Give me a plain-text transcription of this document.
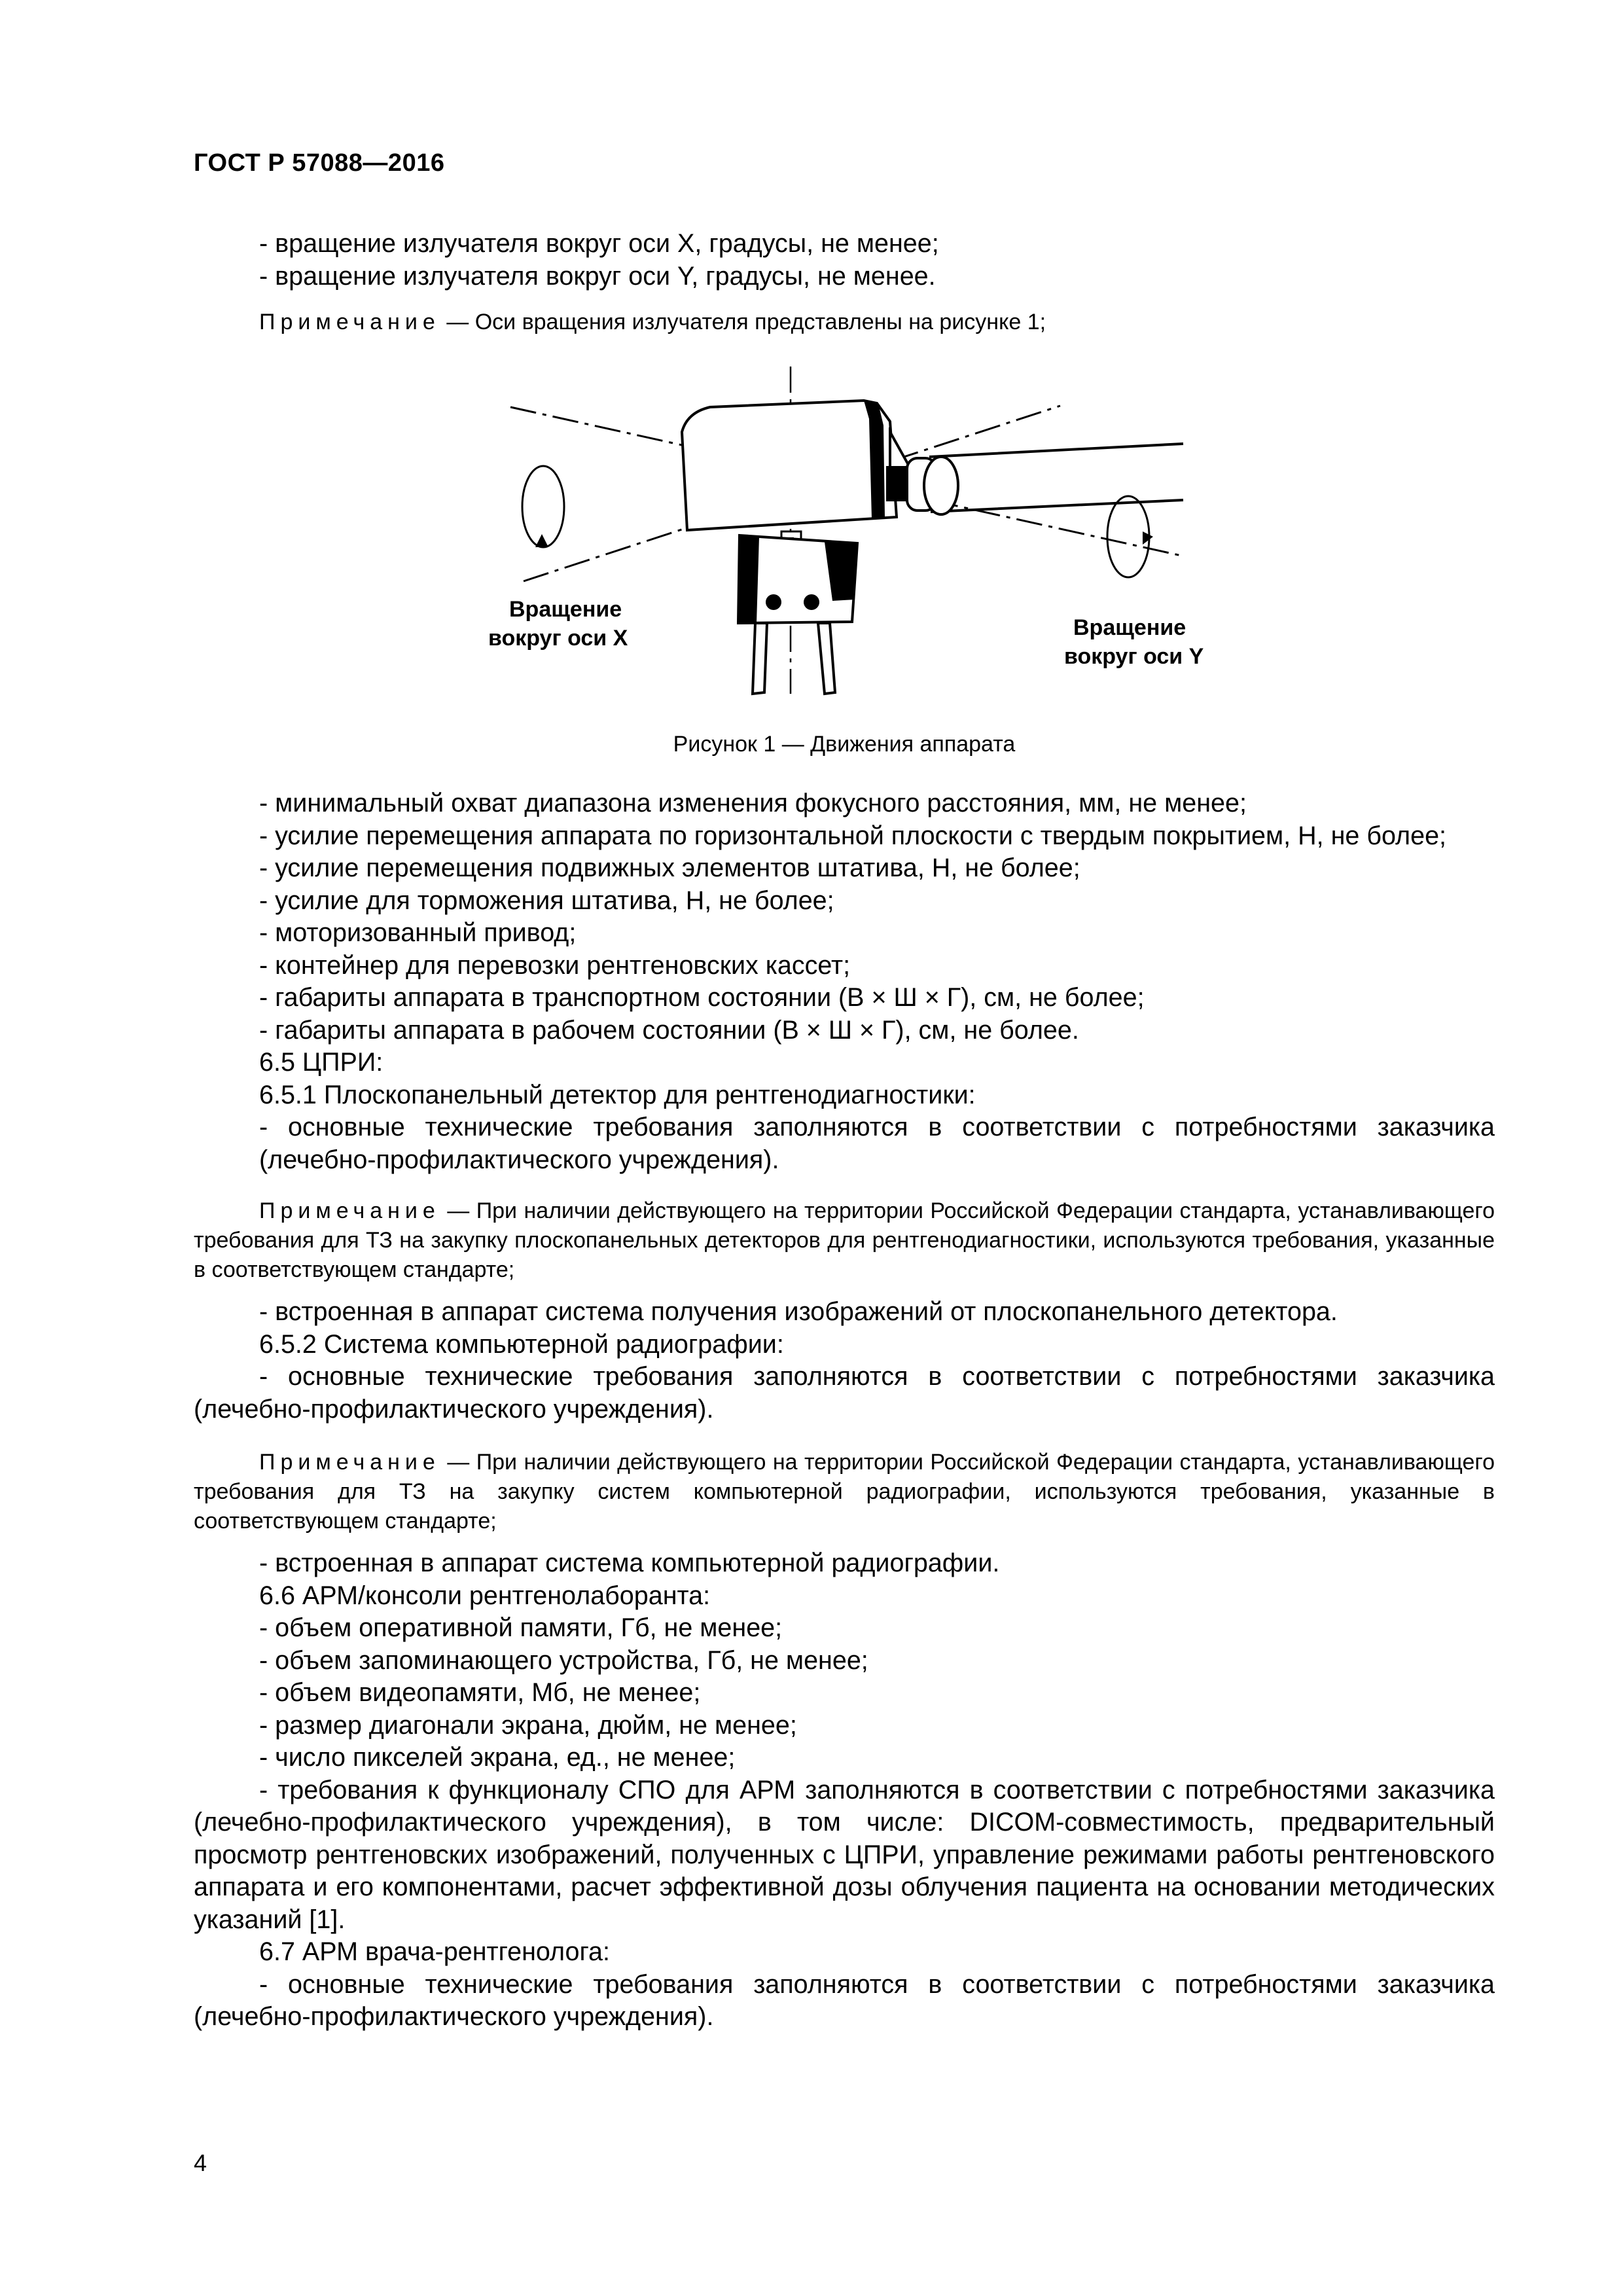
ГОСТ Р 57088—2016
- вращение излучателя вокруг оси X, градусы, не менее;
- вращение излучателя вокруг оси Y, градусы, не менее.
Примечание — Оси вращения излучателя представлены на рисунке 1;
Вращение
вокруг оси X	Вращение
вокруг оси Y
Рисунок 1 — Движения аппарата
- минимальный охват диапазона изменения фокусного расстояния, мм, не менее;
- усилие перемещения аппарата по горизонтальной плоскости с твердым покрытием, Н, не более;
- усилие перемещения подвижных элементов штатива, Н, не более;
- усилие для торможения штатива, Н, не более;
- моторизованный привод;
- контейнер для перевозки рентгеновских кассет;
- габариты аппарата в транспортном состоянии (В × Ш × Г), см, не более;
- габариты аппарата в рабочем состоянии (В × Ш × Г), см, не более.
6.5 ЦПРИ:
6.5.1 Плоскопанельный детектор для рентгенодиагностики:
- основные технические требования заполняются в соответствии с потребностями заказчика (лечебно-профилактического учреждения).
Примечание — При наличии действующего на территории Российской Федерации стандарта, устанавливающего требования для ТЗ на закупку плоскопанельных детекторов для рентгенодиагностики, используются требования, указанные в соответствующем стандарте;
- встроенная в аппарат система получения изображений от плоскопанельного детектора.
6.5.2 Система компьютерной радиографии:
- основные технические требования заполняются в соответствии с потребностями заказчика (лечебно-профилактического учреждения).
Примечание — При наличии действующего на территории Российской Федерации стандарта, устанавливающего требования для ТЗ на закупку систем компьютерной радиографии, используются требования, указанные в соответствующем стандарте;
- встроенная в аппарат система компьютерной радиографии.
6.6 АРМ/консоли рентгенолаборанта:
- объем оперативной памяти, Гб, не менее;
- объем запоминающего устройства, Гб, не менее;
- объем видеопамяти, Мб, не менее;
- размер диагонали экрана, дюйм, не менее;
- число пикселей экрана, ед., не менее;
- требования к функционалу СПО для АРМ заполняются в соответствии с потребностями заказчика (лечебно-профилактического учреждения), в том числе: DICOM-совместимость, предварительный просмотр рентгеновских изображений, полученных с ЦПРИ, управление режимами работы рентгеновского аппарата и его компонентами, расчет эффективной дозы облучения пациента на основании методических указаний [1].
6.7 АРМ врача-рентгенолога:
- основные технические требования заполняются в соответствии с потребностями заказчика (лечебно-профилактического учреждения).
4
